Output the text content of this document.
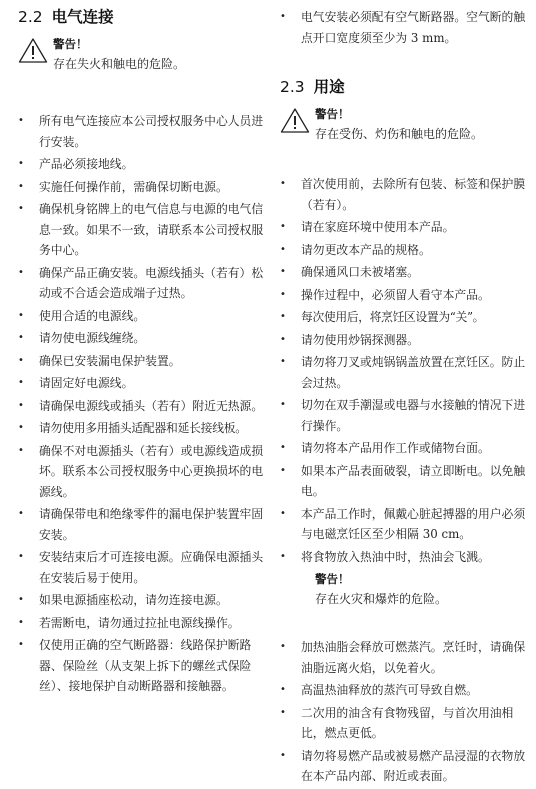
2.2 电气连接
警告！
存在失火和触电的危险。
• 所有电气连接应本公司授权服务中心人员进行安装。
• 产品必须接地线。
• 实施任何操作前，需确保切断电源。
• 确保机身铭牌上的电气信息与电源的电气信息一致。如果不一致，请联系本公司授权服务中心。
• 确保产品正确安装。电源线插头（若有）松动或不合适会造成端子过热。
• 使用合适的电源线。
• 请勿使电源线缠绕。
• 确保已安装漏电保护装置。
• 请固定好电源线。
• 请确保电源线或插头（若有）附近无热源。
• 请勿使用多用插头适配器和延长接线板。
• 确保不对电源插头（若有）或电源线造成损坏。联系本公司授权服务中心更换损坏的电源线。
• 请确保带电和绝缘零件的漏电保护装置牢固安装。
• 安装结束后才可连接电源。应确保电源插头在安装后易于使用。
• 如果电源插座松动，请勿连接电源。
• 若需断电，请勿通过拉扯电源线操作。
• 仅使用正确的空气断路器：线路保护断路器、保险丝（从支架上拆下的螺丝式保险丝）、接地保护自动断路器和接触器。
• 电气安装必须配有空气断路器。空气断的触点开口宽度须至少为 3 mm。
2.3 用途
警告！
存在受伤、灼伤和触电的危险。
• 首次使用前，去除所有包装、标签和保护膜（若有）。
• 请在家庭环境中使用本产品。
• 请勿更改本产品的规格。
• 确保通风口未被堵塞。
• 操作过程中，必须留人看守本产品。
• 每次使用后，将烹饪区设置为“关”。
• 请勿使用炒锅探测器。
• 请勿将刀叉或炖锅锅盖放置在烹饪区。防止会过热。
• 切勿在双手潮湿或电器与水接触的情况下进行操作。
• 请勿将本产品用作工作或储物台面。
• 如果本产品表面破裂，请立即断电。以免触电。
• 本产品工作时，佩戴心脏起搏器的用户必须与电磁烹饪区至少相隔 30 cm。
• 将食物放入热油中时，热油会飞溅。
警告！
存在火灾和爆炸的危险。
• 加热油脂会释放可燃蒸汽。烹饪时，请确保油脂远离火焰，以免着火。
• 高温热油释放的蒸汽可导致自燃。
• 二次用的油含有食物残留，与首次用油相比，燃点更低。
• 请勿将易燃产品或被易燃产品浸湿的衣物放在本产品内部、附近或表面。
